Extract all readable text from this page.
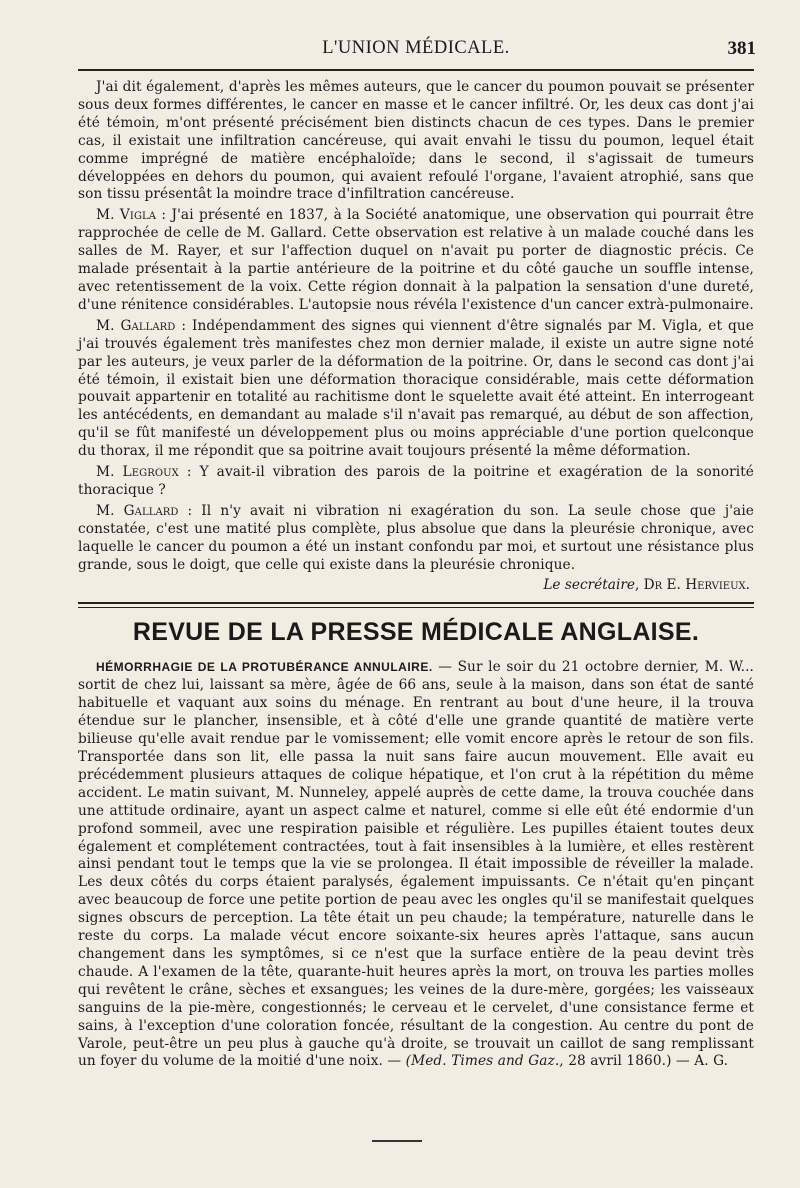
L'UNION MÉDICALE.	381

J'ai dit également, d'après les mêmes auteurs, que le cancer du poumon pouvait se présenter sous deux formes différentes, le cancer en masse et le cancer infiltré. Or, les deux cas dont j'ai été témoin, m'ont présenté précisément bien distincts chacun de ces types. Dans le premier cas, il existait une infiltration cancéreuse, qui avait envahi le tissu du poumon, lequel était comme imprégné de matière encéphaloïde; dans le second, il s'agissait de tumeurs développées en dehors du poumon, qui avaient refoulé l'organe, l'avaient atrophié, sans que son tissu présentât la moindre trace d'infiltration cancéreuse.

M. Vigla : J'ai présenté en 1837, à la Société anatomique, une observation qui pourrait être rapprochée de celle de M. Gallard. Cette observation est relative à un malade couché dans les salles de M. Rayer, et sur l'affection duquel on n'avait pu porter de diagnostic précis. Ce malade présentait à la partie antérieure de la poitrine et du côté gauche un souffle intense, avec retentissement de la voix. Cette région donnait à la palpation la sensation d'une dureté, d'une rénitence considérables. L'autopsie nous révéla l'existence d'un cancer extrà-pulmonaire.

M. Gallard : Indépendamment des signes qui viennent d'être signalés par M. Vigla, et que j'ai trouvés également très manifestes chez mon dernier malade, il existe un autre signe noté par les auteurs, je veux parler de la déformation de la poitrine. Or, dans le second cas dont j'ai été témoin, il existait bien une déformation thoracique considérable, mais cette déformation pouvait appartenir en totalité au rachitisme dont le squelette avait été atteint. En interrogeant les antécédents, en demandant au malade s'il n'avait pas remarqué, au début de son affection, qu'il se fût manifesté un développement plus ou moins appréciable d'une portion quelconque du thorax, il me répondit que sa poitrine avait toujours présenté la même déformation.

M. Legroux : Y avait-il vibration des parois de la poitrine et exagération de la sonorité thoracique ?

M. Gallard : Il n'y avait ni vibration ni exagération du son. La seule chose que j'aie constatée, c'est une matité plus complète, plus absolue que dans la pleurésie chronique, avec laquelle le cancer du poumon a été un instant confondu par moi, et surtout une résistance plus grande, sous le doigt, que celle qui existe dans la pleurésie chronique.

Le secrétaire, Dr E. Hervieux.
REVUE DE LA PRESSE MÉDICALE ANGLAISE.

HÉMORRHAGIE DE LA PROTUBÉRANCE ANNULAIRE. — Sur le soir du 21 octobre dernier, M. W... sortit de chez lui, laissant sa mère, âgée de 66 ans, seule à la maison, dans son état de santé habituelle et vaquant aux soins du ménage. En rentrant au bout d'une heure, il la trouva étendue sur le plancher, insensible, et à côté d'elle une grande quantité de matière verte bilieuse qu'elle avait rendue par le vomissement; elle vomit encore après le retour de son fils. Transportée dans son lit, elle passa la nuit sans faire aucun mouvement. Elle avait eu précédemment plusieurs attaques de colique hépatique, et l'on crut à la répétition du même accident. Le matin suivant, M. Nunneley, appelé auprès de cette dame, la trouva couchée dans une attitude ordinaire, ayant un aspect calme et naturel, comme si elle eût été endormie d'un profond sommeil, avec une respiration paisible et régulière. Les pupilles étaient toutes deux également et complétement contractées, tout à fait insensibles à la lumière, et elles restèrent ainsi pendant tout le temps que la vie se prolongea. Il était impossible de réveiller la malade. Les deux côtés du corps étaient paralysés, également impuissants. Ce n'était qu'en pinçant avec beaucoup de force une petite portion de peau avec les ongles qu'il se manifestait quelques signes obscurs de perception. La tête était un peu chaude; la température, naturelle dans le reste du corps. La malade vécut encore soixante-six heures après l'attaque, sans aucun changement dans les symptômes, si ce n'est que la surface entière de la peau devint très chaude. A l'examen de la tête, quarante-huit heures après la mort, on trouva les parties molles qui revêtent le crâne, sèches et exsangues; les veines de la dure-mère, gorgées; les vaisseaux sanguins de la pie-mère, congestionnés; le cerveau et le cervelet, d'une consistance ferme et sains, à l'exception d'une coloration foncée, résultant de la congestion. Au centre du pont de Varole, peut-être un peu plus à gauche qu'à droite, se trouvait un caillot de sang remplissant un foyer du volume de la moitié d'une noix. — (Med. Times and Gaz., 28 avril 1860.) — A. G.
